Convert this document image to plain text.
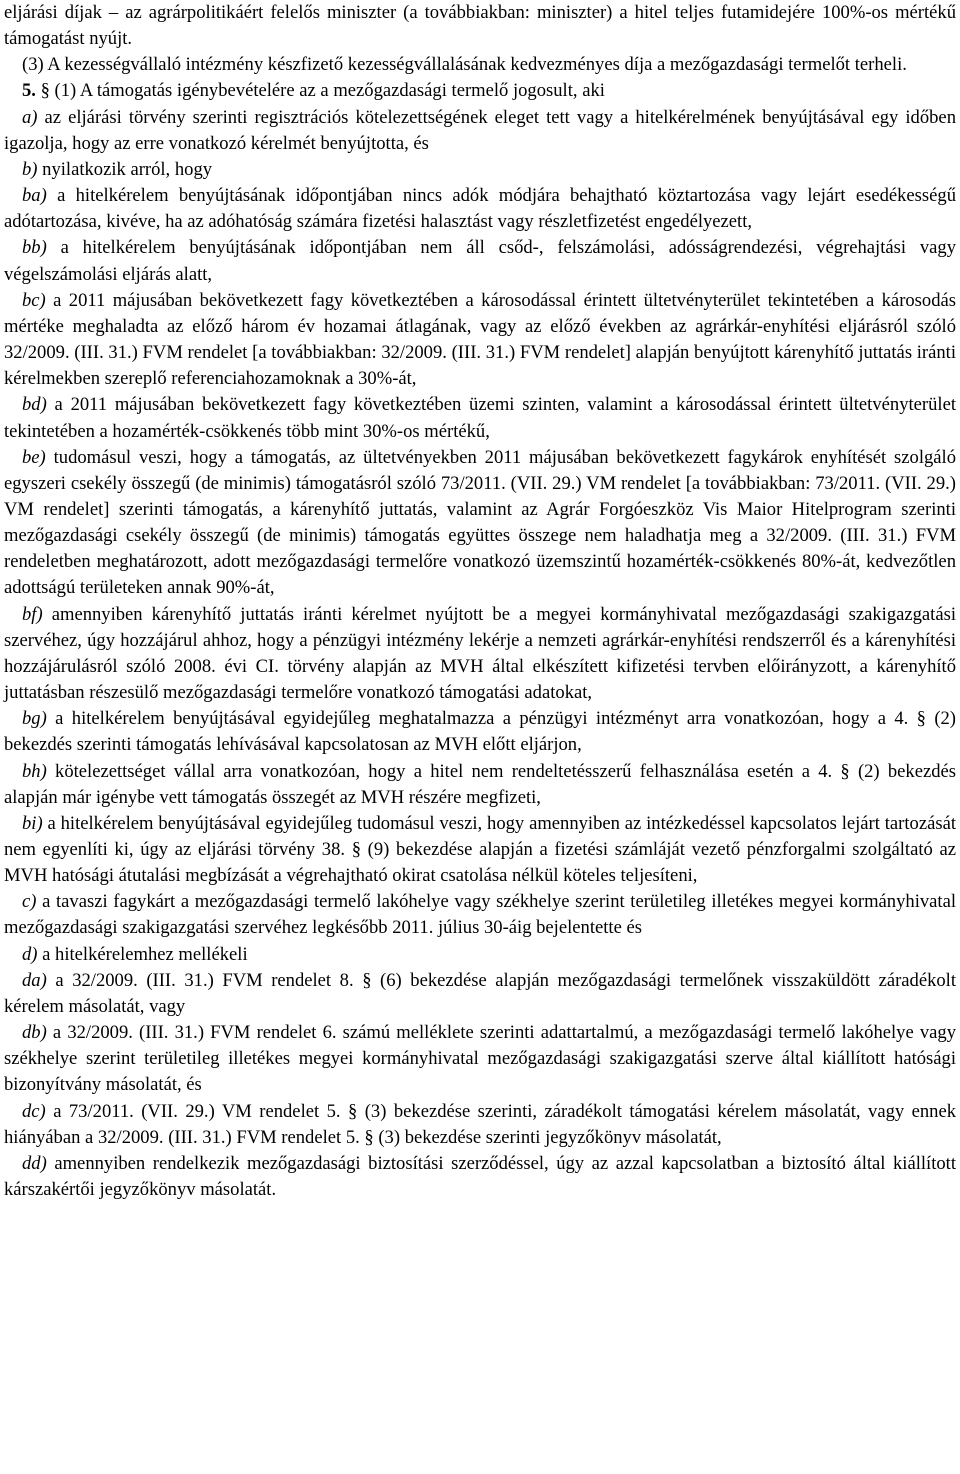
eljárási díjak – az agrárpolitikáért felelős miniszter (a továbbiakban: miniszter) a hitel teljes futamidejére 100%-os mértékű támogatást nyújt.

(3) A kezességvállaló intézmény készfizető kezességvállalásának kedvezményes díja a mezőgazdasági termelőt terheli.

5. § (1) A támogatás igénybevételére az a mezőgazdasági termelő jogosult, aki

a) az eljárási törvény szerinti regisztrációs kötelezettségének eleget tett vagy a hitelkérelmének benyújtásával egy időben igazolja, hogy az erre vonatkozó kérelmét benyújtotta, és

b) nyilatkozik arról, hogy

ba) a hitelkérelem benyújtásának időpontjában nincs adók módjára behajtható köztartozása vagy lejárt esedékességű adótartozása, kivéve, ha az adóhatóság számára fizetési halasztást vagy részletfizetést engedélyezett,

bb) a hitelkérelem benyújtásának időpontjában nem áll csőd-, felszámolási, adósságrendezési, végrehajtási vagy végelszámolási eljárás alatt,

bc) a 2011 májusában bekövetkezett fagy következtében a károsodással érintett ültetvényterület tekintetében a károsodás mértéke meghaladta az előző három év hozamai átlagának, vagy az előző években az agrárkár-enyhítési eljárásról szóló 32/2009. (III. 31.) FVM rendelet [a továbbiakban: 32/2009. (III. 31.) FVM rendelet] alapján benyújtott kárenyhítő juttatás iránti kérelmekben szereplő referenciahozamoknak a 30%-át,

bd) a 2011 májusában bekövetkezett fagy következtében üzemi szinten, valamint a károsodással érintett ültetvényterület tekintetében a hozamérték-csökkenés több mint 30%-os mértékű,

be) tudomásul veszi, hogy a támogatás, az ültetvényekben 2011 májusában bekövetkezett fagykárok enyhítését szolgáló egyszeri csekély összegű (de minimis) támogatásról szóló 73/2011. (VII. 29.) VM rendelet [a továbbiakban: 73/2011. (VII. 29.) VM rendelet] szerinti támogatás, a kárenyhítő juttatás, valamint az Agrár Forgóeszköz Vis Maior Hitelprogram szerinti mezőgazdasági csekély összegű (de minimis) támogatás együttes összege nem haladhatja meg a 32/2009. (III. 31.) FVM rendeletben meghatározott, adott mezőgazdasági termelőre vonatkozó üzemszintű hozamérték-csökkenés 80%-át, kedvezőtlen adottságú területeken annak 90%-át,

bf) amennyiben kárenyhítő juttatás iránti kérelmet nyújtott be a megyei kormányhivatal mezőgazdasági szakigazgatási szervéhez, úgy hozzájárul ahhoz, hogy a pénzügyi intézmény lekérje a nemzeti agrárkár-enyhítési rendszerről és a kárenyhítési hozzájárulásról szóló 2008. évi CI. törvény alapján az MVH által elkészített kifizetési tervben előirányzott, a kárenyhítő juttatásban részesülő mezőgazdasági termelőre vonatkozó támogatási adatokat,

bg) a hitelkérelem benyújtásával egyidejűleg meghatalmazza a pénzügyi intézményt arra vonatkozóan, hogy a 4. § (2) bekezdés szerinti támogatás lehívásával kapcsolatosan az MVH előtt eljárjon,

bh) kötelezettséget vállal arra vonatkozóan, hogy a hitel nem rendeltetésszerű felhasználása esetén a 4. § (2) bekezdés alapján már igénybe vett támogatás összegét az MVH részére megfizeti,

bi) a hitelkérelem benyújtásával egyidejűleg tudomásul veszi, hogy amennyiben az intézkedéssel kapcsolatos lejárt tartozását nem egyenlíti ki, úgy az eljárási törvény 38. § (9) bekezdése alapján a fizetési számláját vezető pénzforgalmi szolgáltató az MVH hatósági átutalási megbízását a végrehajtható okirat csatolása nélkül köteles teljesíteni,

c) a tavaszi fagykárt a mezőgazdasági termelő lakóhelye vagy székhelye szerint területileg illetékes megyei kormányhivatal mezőgazdasági szakigazgatási szervéhez legkésőbb 2011. július 30-áig bejelentette és

d) a hitelkérelemhez mellékeli

da) a 32/2009. (III. 31.) FVM rendelet 8. § (6) bekezdése alapján mezőgazdasági termelőnek visszaküldött záradékolt kérelem másolatát, vagy

db) a 32/2009. (III. 31.) FVM rendelet 6. számú melléklete szerinti adattartalmú, a mezőgazdasági termelő lakóhelye vagy székhelye szerint területileg illetékes megyei kormányhivatal mezőgazdasági szakigazgatási szerve által kiállított hatósági bizonyítvány másolatát, és

dc) a 73/2011. (VII. 29.) VM rendelet 5. § (3) bekezdése szerinti, záradékolt támogatási kérelem másolatát, vagy ennek hiányában a 32/2009. (III. 31.) FVM rendelet 5. § (3) bekezdése szerinti jegyzőkönyv másolatát,

dd) amennyiben rendelkezik mezőgazdasági biztosítási szerződéssel, úgy az azzal kapcsolatban a biztosító által kiállított kárszakértői jegyzőkönyv másolatát.
